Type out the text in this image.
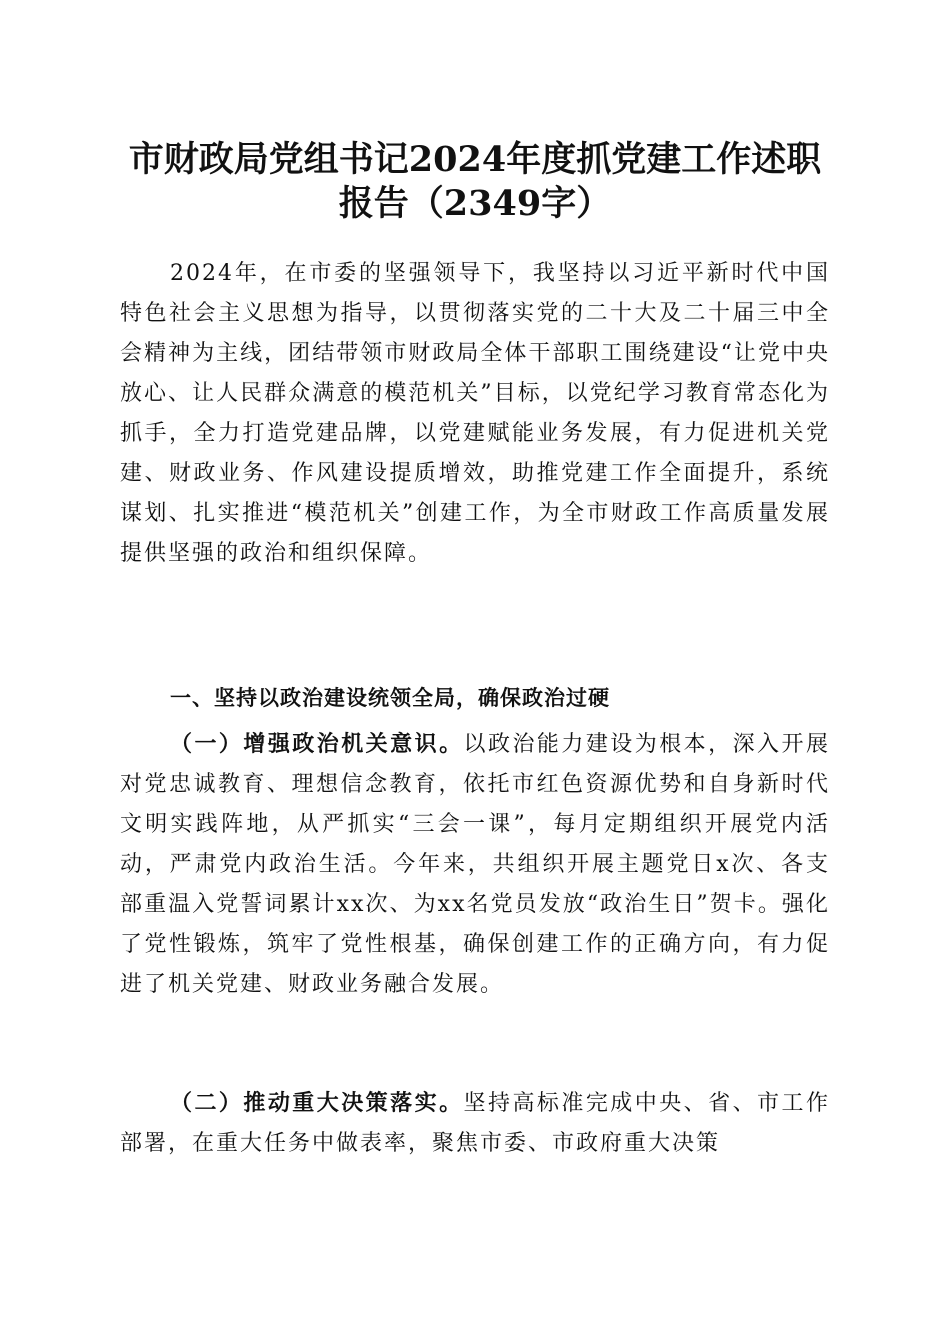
市财政局党组书记2024年度抓党建工作述职
报告（2349字）

2024年，在市委的坚强领导下，我坚持以习近平新时代中国特色社会主义思想为指导，以贯彻落实党的二十大及二十届三中全会精神为主线，团结带领市财政局全体干部职工围绕建设“让党中央放心、让人民群众满意的模范机关”目标，以党纪学习教育常态化为抓手，全力打造党建品牌，以党建赋能业务发展，有力促进机关党建、财政业务、作风建设提质增效，助推党建工作全面提升，系统谋划、扎实推进“模范机关”创建工作，为全市财政工作高质量发展提供坚强的政治和组织保障。

一、坚持以政治建设统领全局，确保政治过硬

（一）增强政治机关意识。以政治能力建设为根本，深入开展对党忠诚教育、理想信念教育，依托市红色资源优势和自身新时代文明实践阵地，从严抓实“三会一课”，每月定期组织开展党内活动，严肃党内政治生活。今年来，共组织开展主题党日x次、各支部重温入党誓词累计xx次、为xx名党员发放“政治生日”贺卡。强化了党性锻炼，筑牢了党性根基，确保创建工作的正确方向，有力促进了机关党建、财政业务融合发展。

（二）推动重大决策落实。坚持高标准完成中央、省、市工作部署，在重大任务中做表率，聚焦市委、市政府重大决策
